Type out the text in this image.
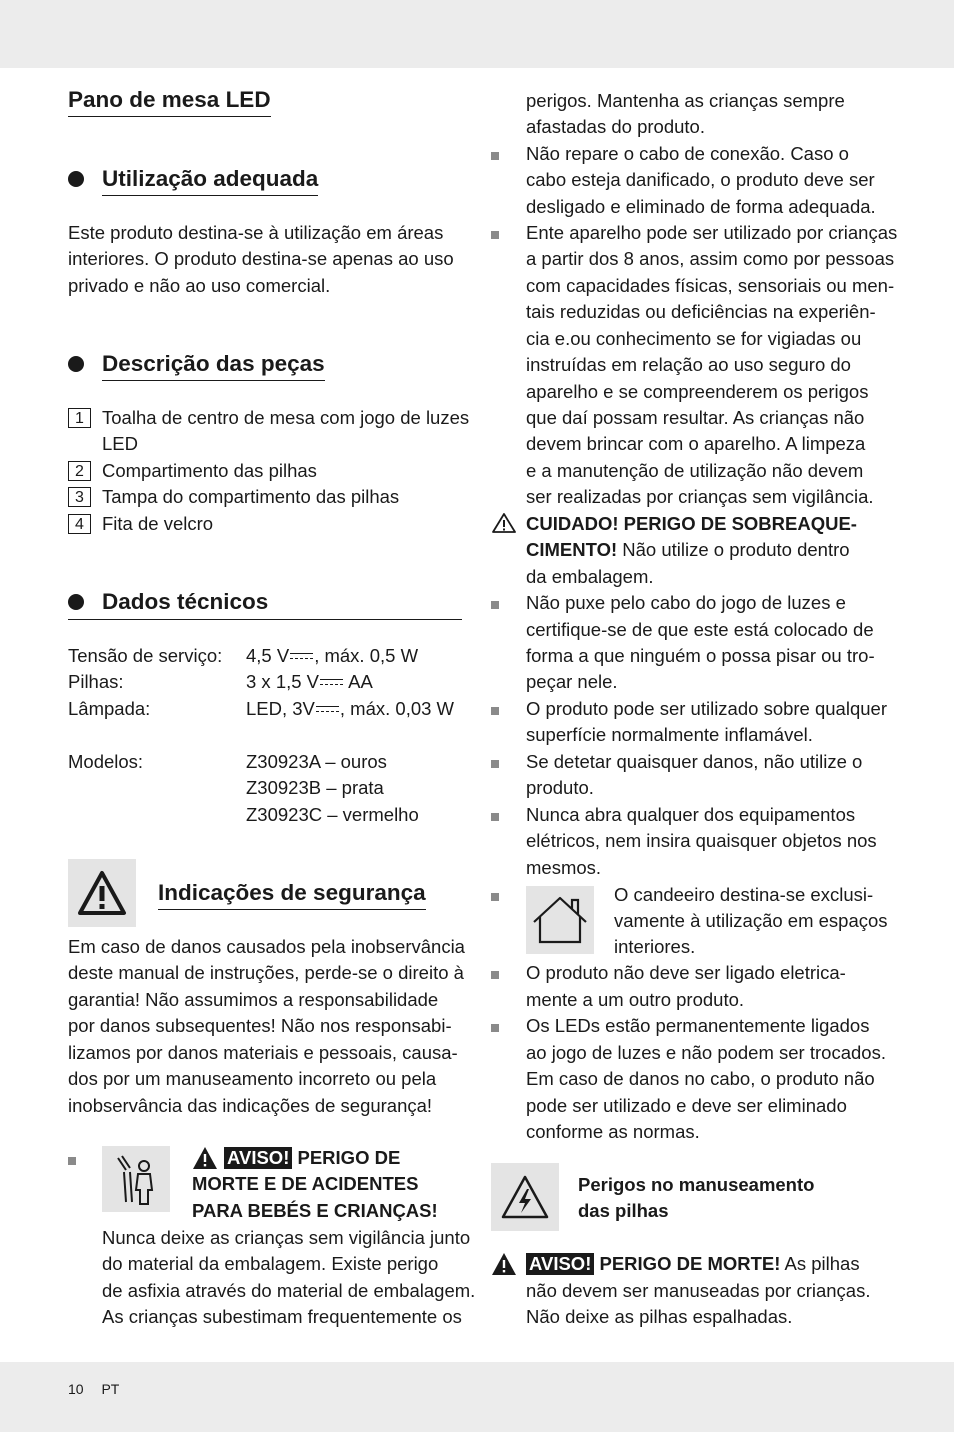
10 PT
Pano de mesa LED
Utilização adequada
Este produto destina-se à utilização em áreas
interiores. O produto destina-se apenas ao uso
privado e não ao uso comercial.
Descrição das peças
1 Toalha de centro de mesa com jogo de luzes
LED
2 Compartimento das pilhas
3 Tampa do compartimento das pilhas
4 Fita de velcro
Dados técnicos
Tensão de serviço: 4,5 V , máx. 0,5 W
Pilhas:	3 x 1,5 V AA
Lâmpada:	LED, 3V , máx. 0,03 W
Modelos:	Z30923A – ouros
Z30923B – prata
Z30923C – vermelho
Indicações de segurança
Em caso de danos causados pela inobservância
deste manual de instruções, perde-se o direito à
garantia! Não assumimos a responsabilidade
por danos subsequentes! Não nos responsabi-
lizamos por danos materiais e pessoais, causa-
dos por um manuseamento incorreto ou pela
inobservância das indicações de segurança!
AVISO! PERIGO DE
MORTE E DE ACIDENTES
PARA BEBÉS E CRIANÇAS!
Nunca deixe as crianças sem vigilância junto
do material da embalagem. Existe perigo
de asfixia através do material de embalagem.
As crianças subestimam frequentemente os
perigos. Mantenha as crianças sempre
afastadas do produto.
Não repare o cabo de conexão. Caso o
cabo esteja danificado, o produto deve ser
desligado e eliminado de forma adequada.
Ente aparelho pode ser utilizado por crianças
a partir dos 8 anos, assim como por pessoas
com capacidades físicas, sensoriais ou men-
tais reduzidas ou deficiências na experiên-
cia e.ou conhecimento se for vigiadas ou
instruídas em relação ao uso seguro do
aparelho e se compreenderem os perigos
que daí possam resultar. As crianças não
devem brincar com o aparelho. A limpeza
e a manutenção de utilização não devem
ser realizadas por crianças sem vigilância.
CUIDADO! PERIGO DE SOBREAQUE-
CIMENTO! Não utilize o produto dentro
da embalagem.
Não puxe pelo cabo do jogo de luzes e
certifique-se de que este está colocado de
forma a que ninguém o possa pisar ou tro-
peçar nele.
O produto pode ser utilizado sobre qualquer
superfície normalmente inflamável.
Se detetar quaisquer danos, não utilize o
produto.
Nunca abra qualquer dos equipamentos
elétricos, nem insira quaisquer objetos nos
mesmos.
O candeeiro destina-se exclusi-
vamente à utilização em espaços
interiores.
O produto não deve ser ligado eletrica-
mente a um outro produto.
Os LEDs estão permanentemente ligados
ao jogo de luzes e não podem ser trocados.
Em caso de danos no cabo, o produto não
pode ser utilizado e deve ser eliminado
conforme as normas.
Perigos no manuseamento
das pilhas
AVISO! PERIGO DE MORTE! As pilhas
não devem ser manuseadas por crianças.
Não deixe as pilhas espalhadas.
